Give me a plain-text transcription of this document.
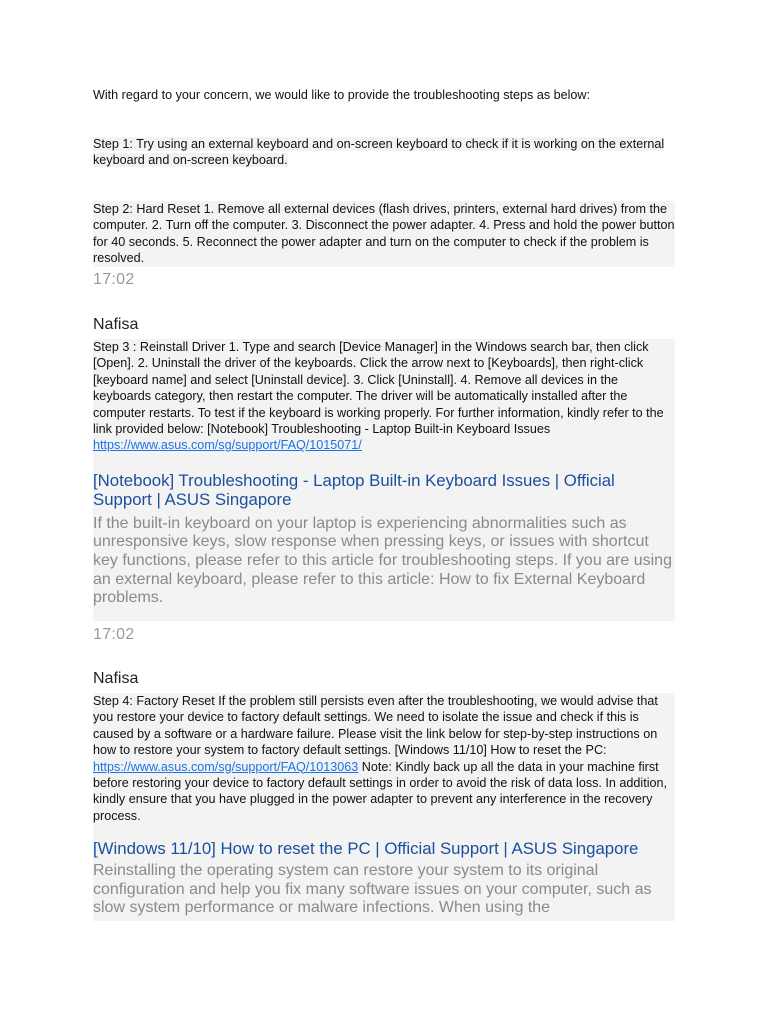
With regard to your concern, we would like to provide the troubleshooting steps as below:
Step 1: Try using an external keyboard and on-screen keyboard to check if it is working on the external keyboard and on-screen keyboard.
Step 2: Hard Reset 1. Remove all external devices (flash drives, printers, external hard drives) from the computer. 2. Turn off the computer. 3. Disconnect the power adapter. 4. Press and hold the power button for 40 seconds. 5. Reconnect the power adapter and turn on the computer to check if the problem is resolved.
17:02
Nafisa
Step 3 : Reinstall Driver 1. Type and search [Device Manager] in the Windows search bar, then click [Open]. 2. Uninstall the driver of the keyboards. Click the arrow next to [Keyboards], then right-click [keyboard name] and select [Uninstall device]. 3. Click [Uninstall]. 4. Remove all devices in the keyboards category, then restart the computer. The driver will be automatically installed after the computer restarts. To test if the keyboard is working properly. For further information, kindly refer to the link provided below: [Notebook] Troubleshooting - Laptop Built-in Keyboard Issues
https://www.asus.com/sg/support/FAQ/1015071/
[Notebook] Troubleshooting - Laptop Built-in Keyboard Issues | Official Support | ASUS Singapore
If the built-in keyboard on your laptop is experiencing abnormalities such as unresponsive keys, slow response when pressing keys, or issues with shortcut key functions, please refer to this article for troubleshooting steps. If you are using an external keyboard, please refer to this article: How to fix External Keyboard problems.
17:02
Nafisa
Step 4: Factory Reset If the problem still persists even after the troubleshooting, we would advise that you restore your device to factory default settings. We need to isolate the issue and check if this is caused by a software or a hardware failure. Please visit the link below for step-by-step instructions on how to restore your system to factory default settings. [Windows 11/10] How to reset the PC: https://www.asus.com/sg/support/FAQ/1013063 Note: Kindly back up all the data in your machine first before restoring your device to factory default settings in order to avoid the risk of data loss. In addition, kindly ensure that you have plugged in the power adapter to prevent any interference in the recovery process.
[Windows 11/10] How to reset the PC | Official Support | ASUS Singapore
Reinstalling the operating system can restore your system to its original configuration and help you fix many software issues on your computer, such as slow system performance or malware infections. When using the
